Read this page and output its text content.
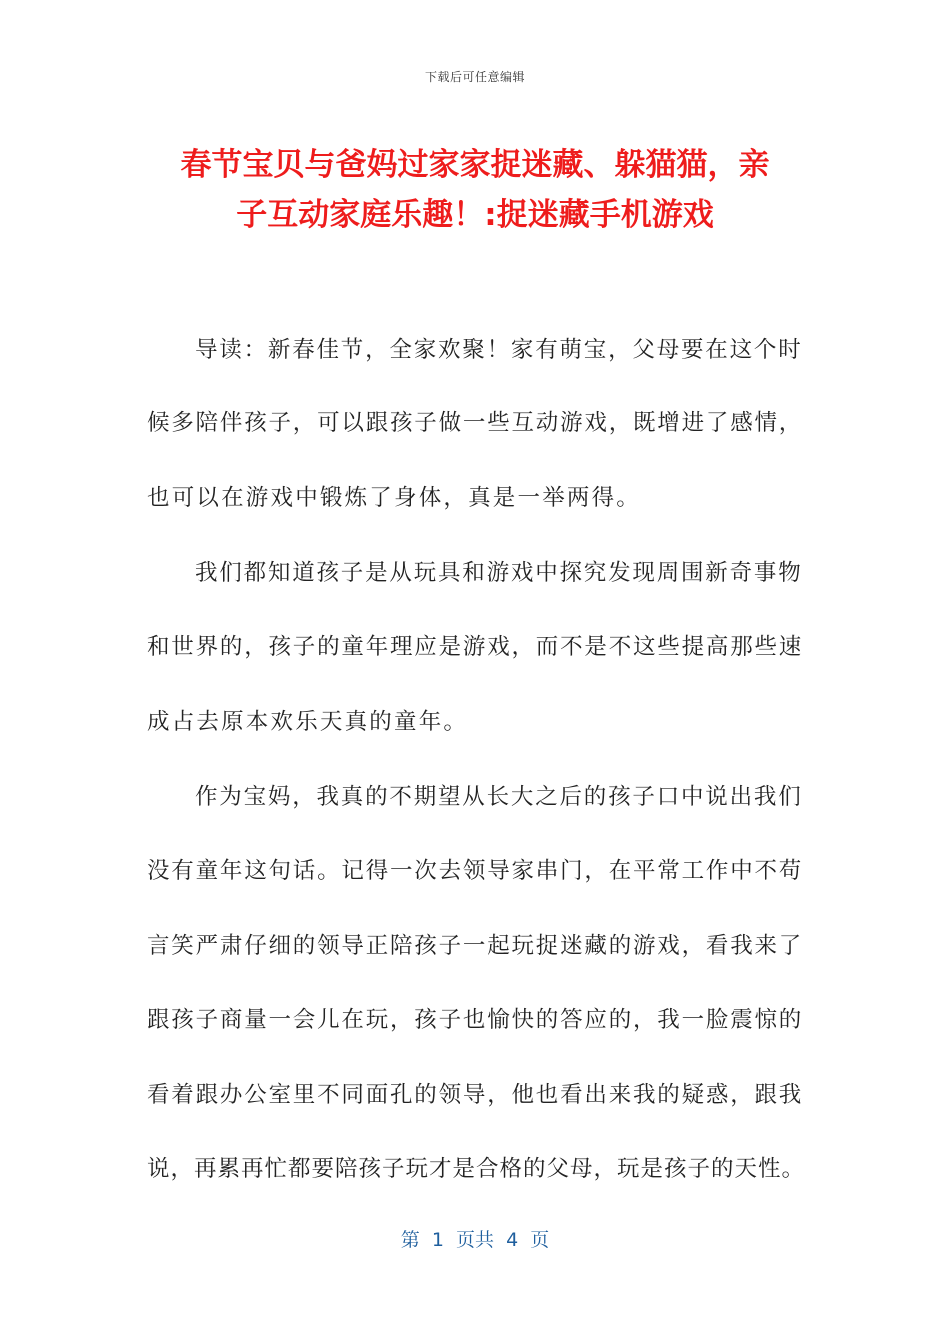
下载后可任意编辑
春节宝贝与爸妈过家家捉迷藏、躲猫猫，亲
子互动家庭乐趣！:捉迷藏手机游戏
导读：新春佳节，全家欢聚！家有萌宝，父母要在这个时
候多陪伴孩子，可以跟孩子做一些互动游戏，既增进了感情，
也可以在游戏中锻炼了身体，真是一举两得。
我们都知道孩子是从玩具和游戏中探究发现周围新奇事物
和世界的，孩子的童年理应是游戏，而不是不这些提高那些速
成占去原本欢乐天真的童年。
作为宝妈，我真的不期望从长大之后的孩子口中说出我们
没有童年这句话。记得一次去领导家串门，在平常工作中不苟
言笑严肃仔细的领导正陪孩子一起玩捉迷藏的游戏，看我来了
跟孩子商量一会儿在玩，孩子也愉快的答应的，我一脸震惊的
看着跟办公室里不同面孔的领导，他也看出来我的疑惑，跟我
说，再累再忙都要陪孩子玩才是合格的父母，玩是孩子的天性。
第  1  页共  4  页
